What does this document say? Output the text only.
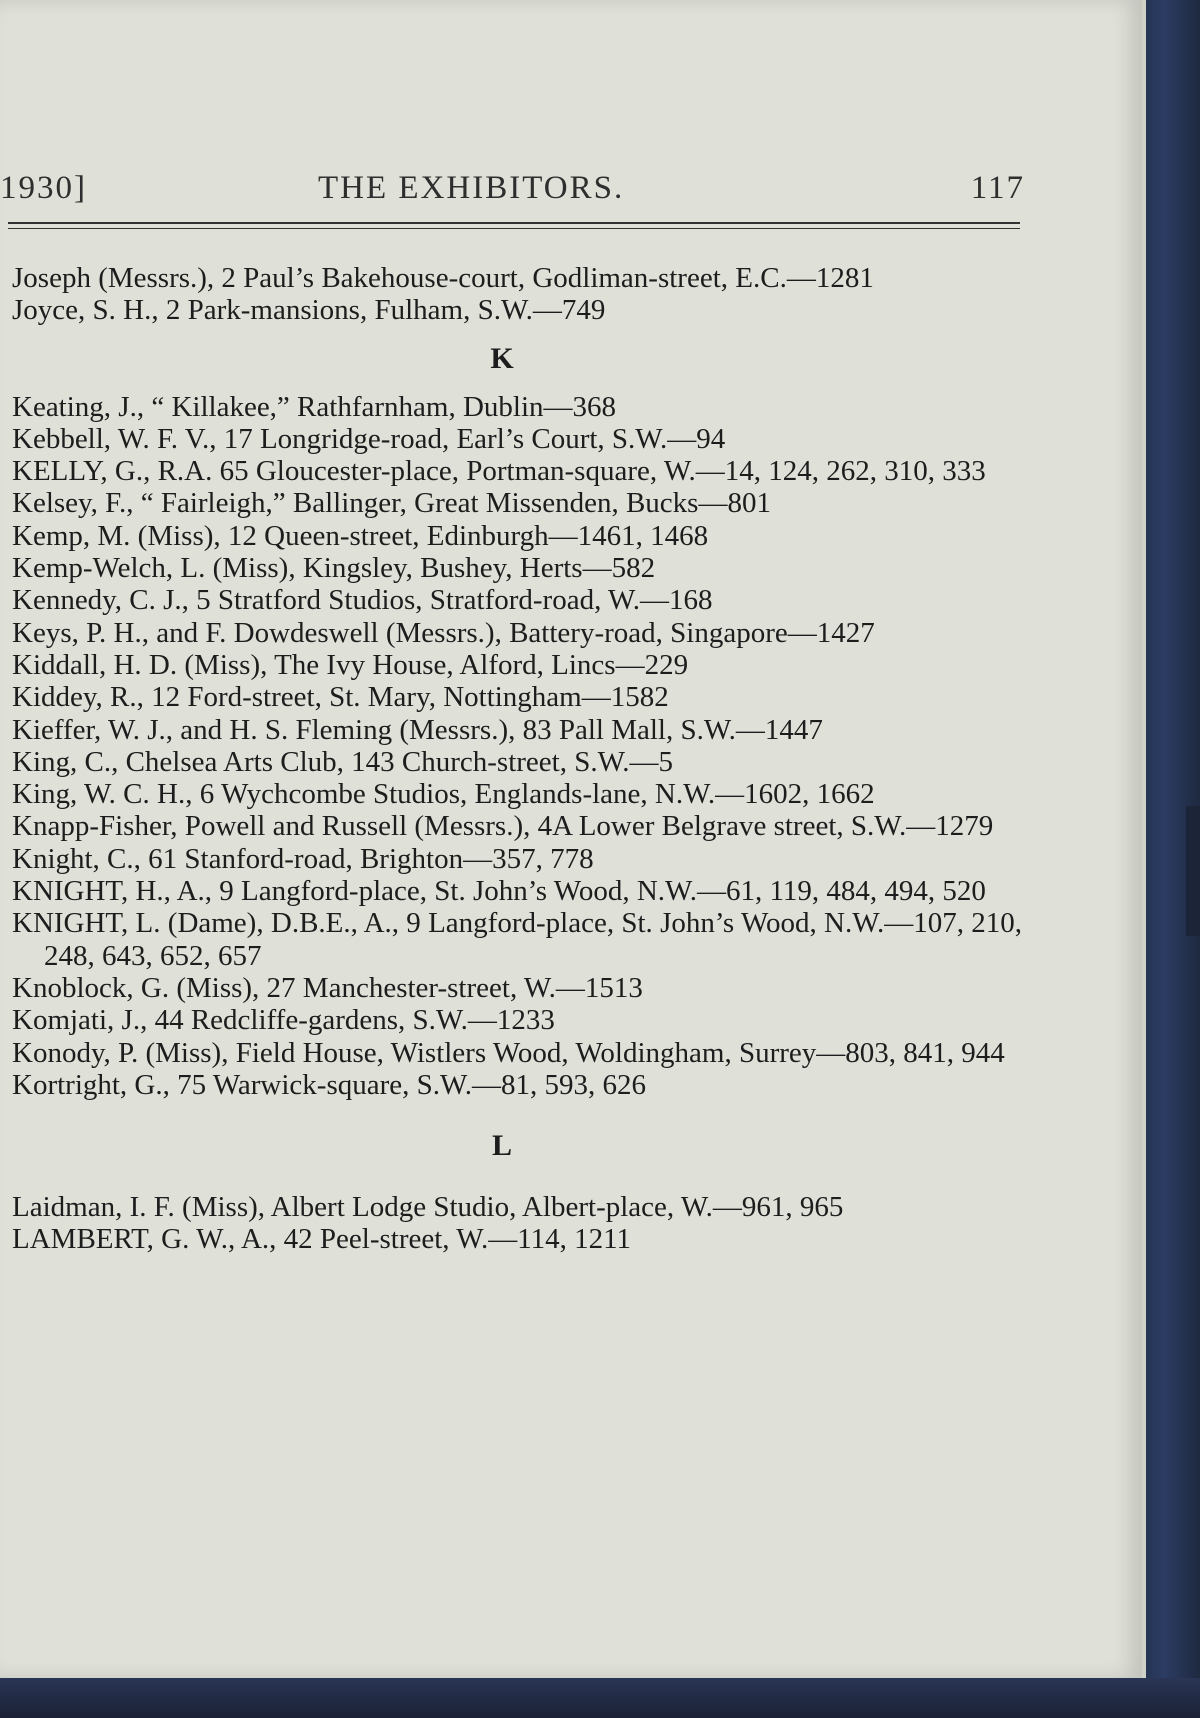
1930]	THE EXHIBITORS.	117
Joseph (Messrs.), 2 Paul’s Bakehouse-court, Godliman-street, E.C.—1281
Joyce, S. H., 2 Park-mansions, Fulham, S.W.—749
K
Keating, J., “ Killakee,” Rathfarnham, Dublin—368
Kebbell, W. F. V., 17 Longridge-road, Earl’s Court, S.W.—94
KELLY, G., R.A. 65 Gloucester-place, Portman-square, W.—14, 124, 262, 310, 333
Kelsey, F., “ Fairleigh,” Ballinger, Great Missenden, Bucks—801
Kemp, M. (Miss), 12 Queen-street, Edinburgh—1461, 1468
Kemp-Welch, L. (Miss), Kingsley, Bushey, Herts—582
Kennedy, C. J., 5 Stratford Studios, Stratford-road, W.—168
Keys, P. H., and F. Dowdeswell (Messrs.), Battery-road, Singapore—1427
Kiddall, H. D. (Miss), The Ivy House, Alford, Lincs—229
Kiddey, R., 12 Ford-street, St. Mary, Nottingham—1582
Kieffer, W. J., and H. S. Fleming (Messrs.), 83 Pall Mall, S.W.—1447
King, C., Chelsea Arts Club, 143 Church-street, S.W.—5
King, W. C. H., 6 Wychcombe Studios, Englands-lane, N.W.—1602, 1662
Knapp-Fisher, Powell and Russell (Messrs.), 4A Lower Belgrave street, S.W.—1279
Knight, C., 61 Stanford-road, Brighton—357, 778
KNIGHT, H., A., 9 Langford-place, St. John’s Wood, N.W.—61, 119, 484, 494, 520
KNIGHT, L. (Dame), D.B.E., A., 9 Langford-place, St. John’s Wood, N.W.—107, 210, 248, 643, 652, 657
Knoblock, G. (Miss), 27 Manchester-street, W.—1513
Komjati, J., 44 Redcliffe-gardens, S.W.—1233
Konody, P. (Miss), Field House, Wistlers Wood, Woldingham, Surrey—803, 841, 944
Kortright, G., 75 Warwick-square, S.W.—81, 593, 626
L
Laidman, I. F. (Miss), Albert Lodge Studio, Albert-place, W.—961, 965
LAMBERT, G. W., A., 42 Peel-street, W.—114, 1211
